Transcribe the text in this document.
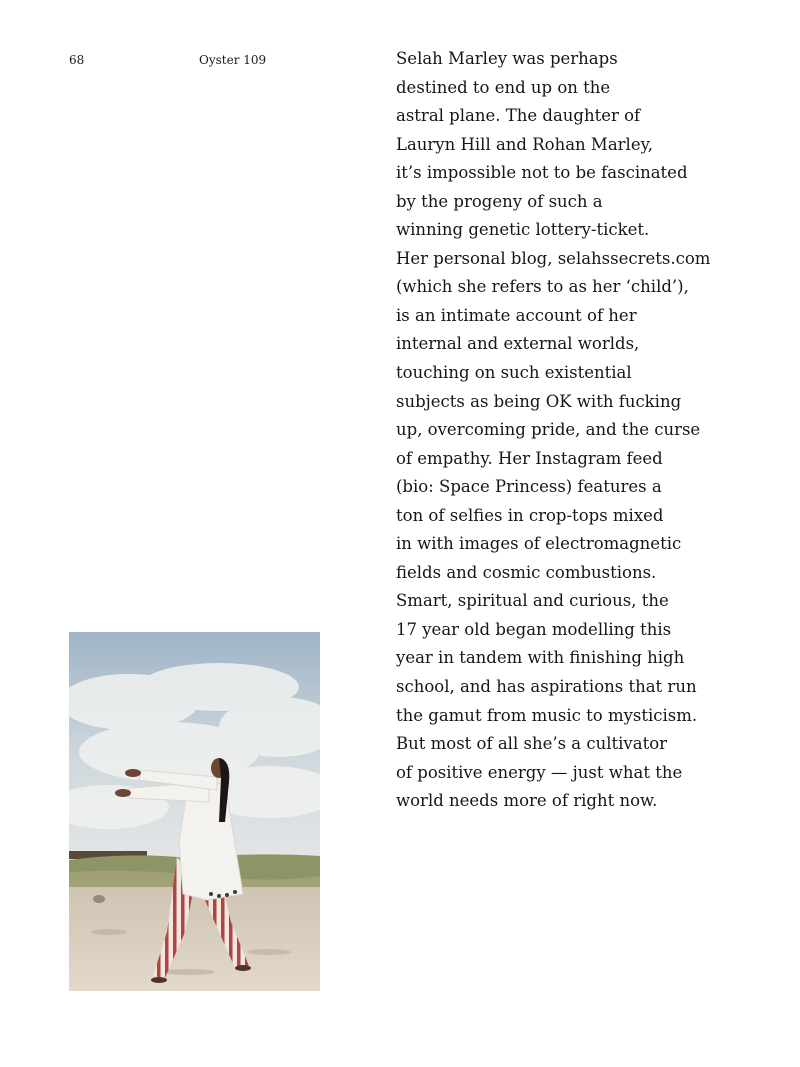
68	Oyster 109	Selah Marley was perhaps
destined to end up on the
astral plane. The daughter of
Lauryn Hill and Rohan Marley,
it’s impossible not to be fascinated
by the progeny of such a
winning genetic lottery-ticket.
Her personal blog, selahssecrets.com
(which she refers to as her ‘child’),
is an intimate account of her
internal and external worlds,
touching on such existential
subjects as being OK with fucking
up, overcoming pride, and the curse
of empathy. Her Instagram feed
(bio: Space Princess) features a
ton of selfies in crop-tops mixed
in with images of electromagnetic
fields and cosmic combustions.
Smart, spiritual and curious, the
17 year old began modelling this
year in tandem with finishing high
school, and has aspirations that run
the gamut from music to mysticism.
But most of all she’s a cultivator
of positive energy — just what the
world needs more of right now.
